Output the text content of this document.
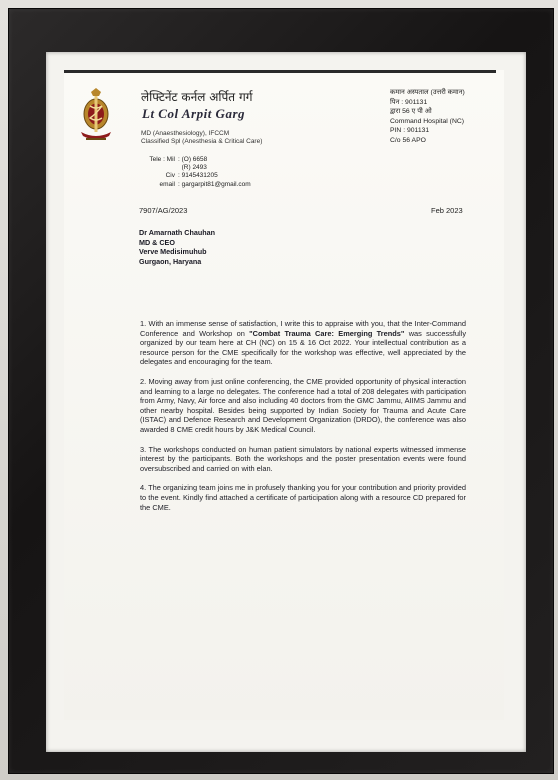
लेफ्टिनेंट कर्नल अर्पित गर्ग
Lt Col Arpit Garg
MD (Anaesthesiology), IFCCM
Classified Spl (Anesthesia & Critical Care)
Tele : Mil : (O) 6658
(R) 2493
Civ : 9145431205
email : gargarpit81@gmail.com
कमान अस्पताल (उत्तरी कमान)
पिन : 901131
द्वारा 56 ए पी ओ
Command Hospital (NC)
PIN : 901131
C/o 56 APO
7907/AG/2023	Feb 2023
Dr Amarnath Chauhan
MD & CEO
Verve Medisimuhub
Gurgaon, Haryana

1. With an immense sense of satisfaction, I write this to appraise with you, that the Inter-Command Conference and Workshop on "Combat Trauma Care: Emerging Trends" was successfully organized by our team here at CH (NC) on 15 & 16 Oct 2022. Your intellectual contribution as a resource person for the CME specifically for the workshop was effective, well appreciated by the delegates and encouraging for the team.

2. Moving away from just online conferencing, the CME provided opportunity of physical interaction and learning to a large no delegates. The conference had a total of 208 delegates with participation from Army, Navy, Air force and also including 40 doctors from the GMC Jammu, AIIMS Jammu and other nearby hospital. Besides being supported by Indian Society for Trauma and Acute Care (ISTAC) and Defence Research and Development Organization (DRDO), the conference was also awarded 8 CME credit hours by J&K Medical Council.

3. The workshops conducted on human patient simulators by national experts witnessed immense interest by the participants. Both the workshops and the poster presentation events were found oversubscribed and carried on with elan.

4. The organizing team joins me in profusely thanking you for your contribution and priority provided to the event. Kindly find attached a certificate of participation along with a resource CD prepared for the CME.
